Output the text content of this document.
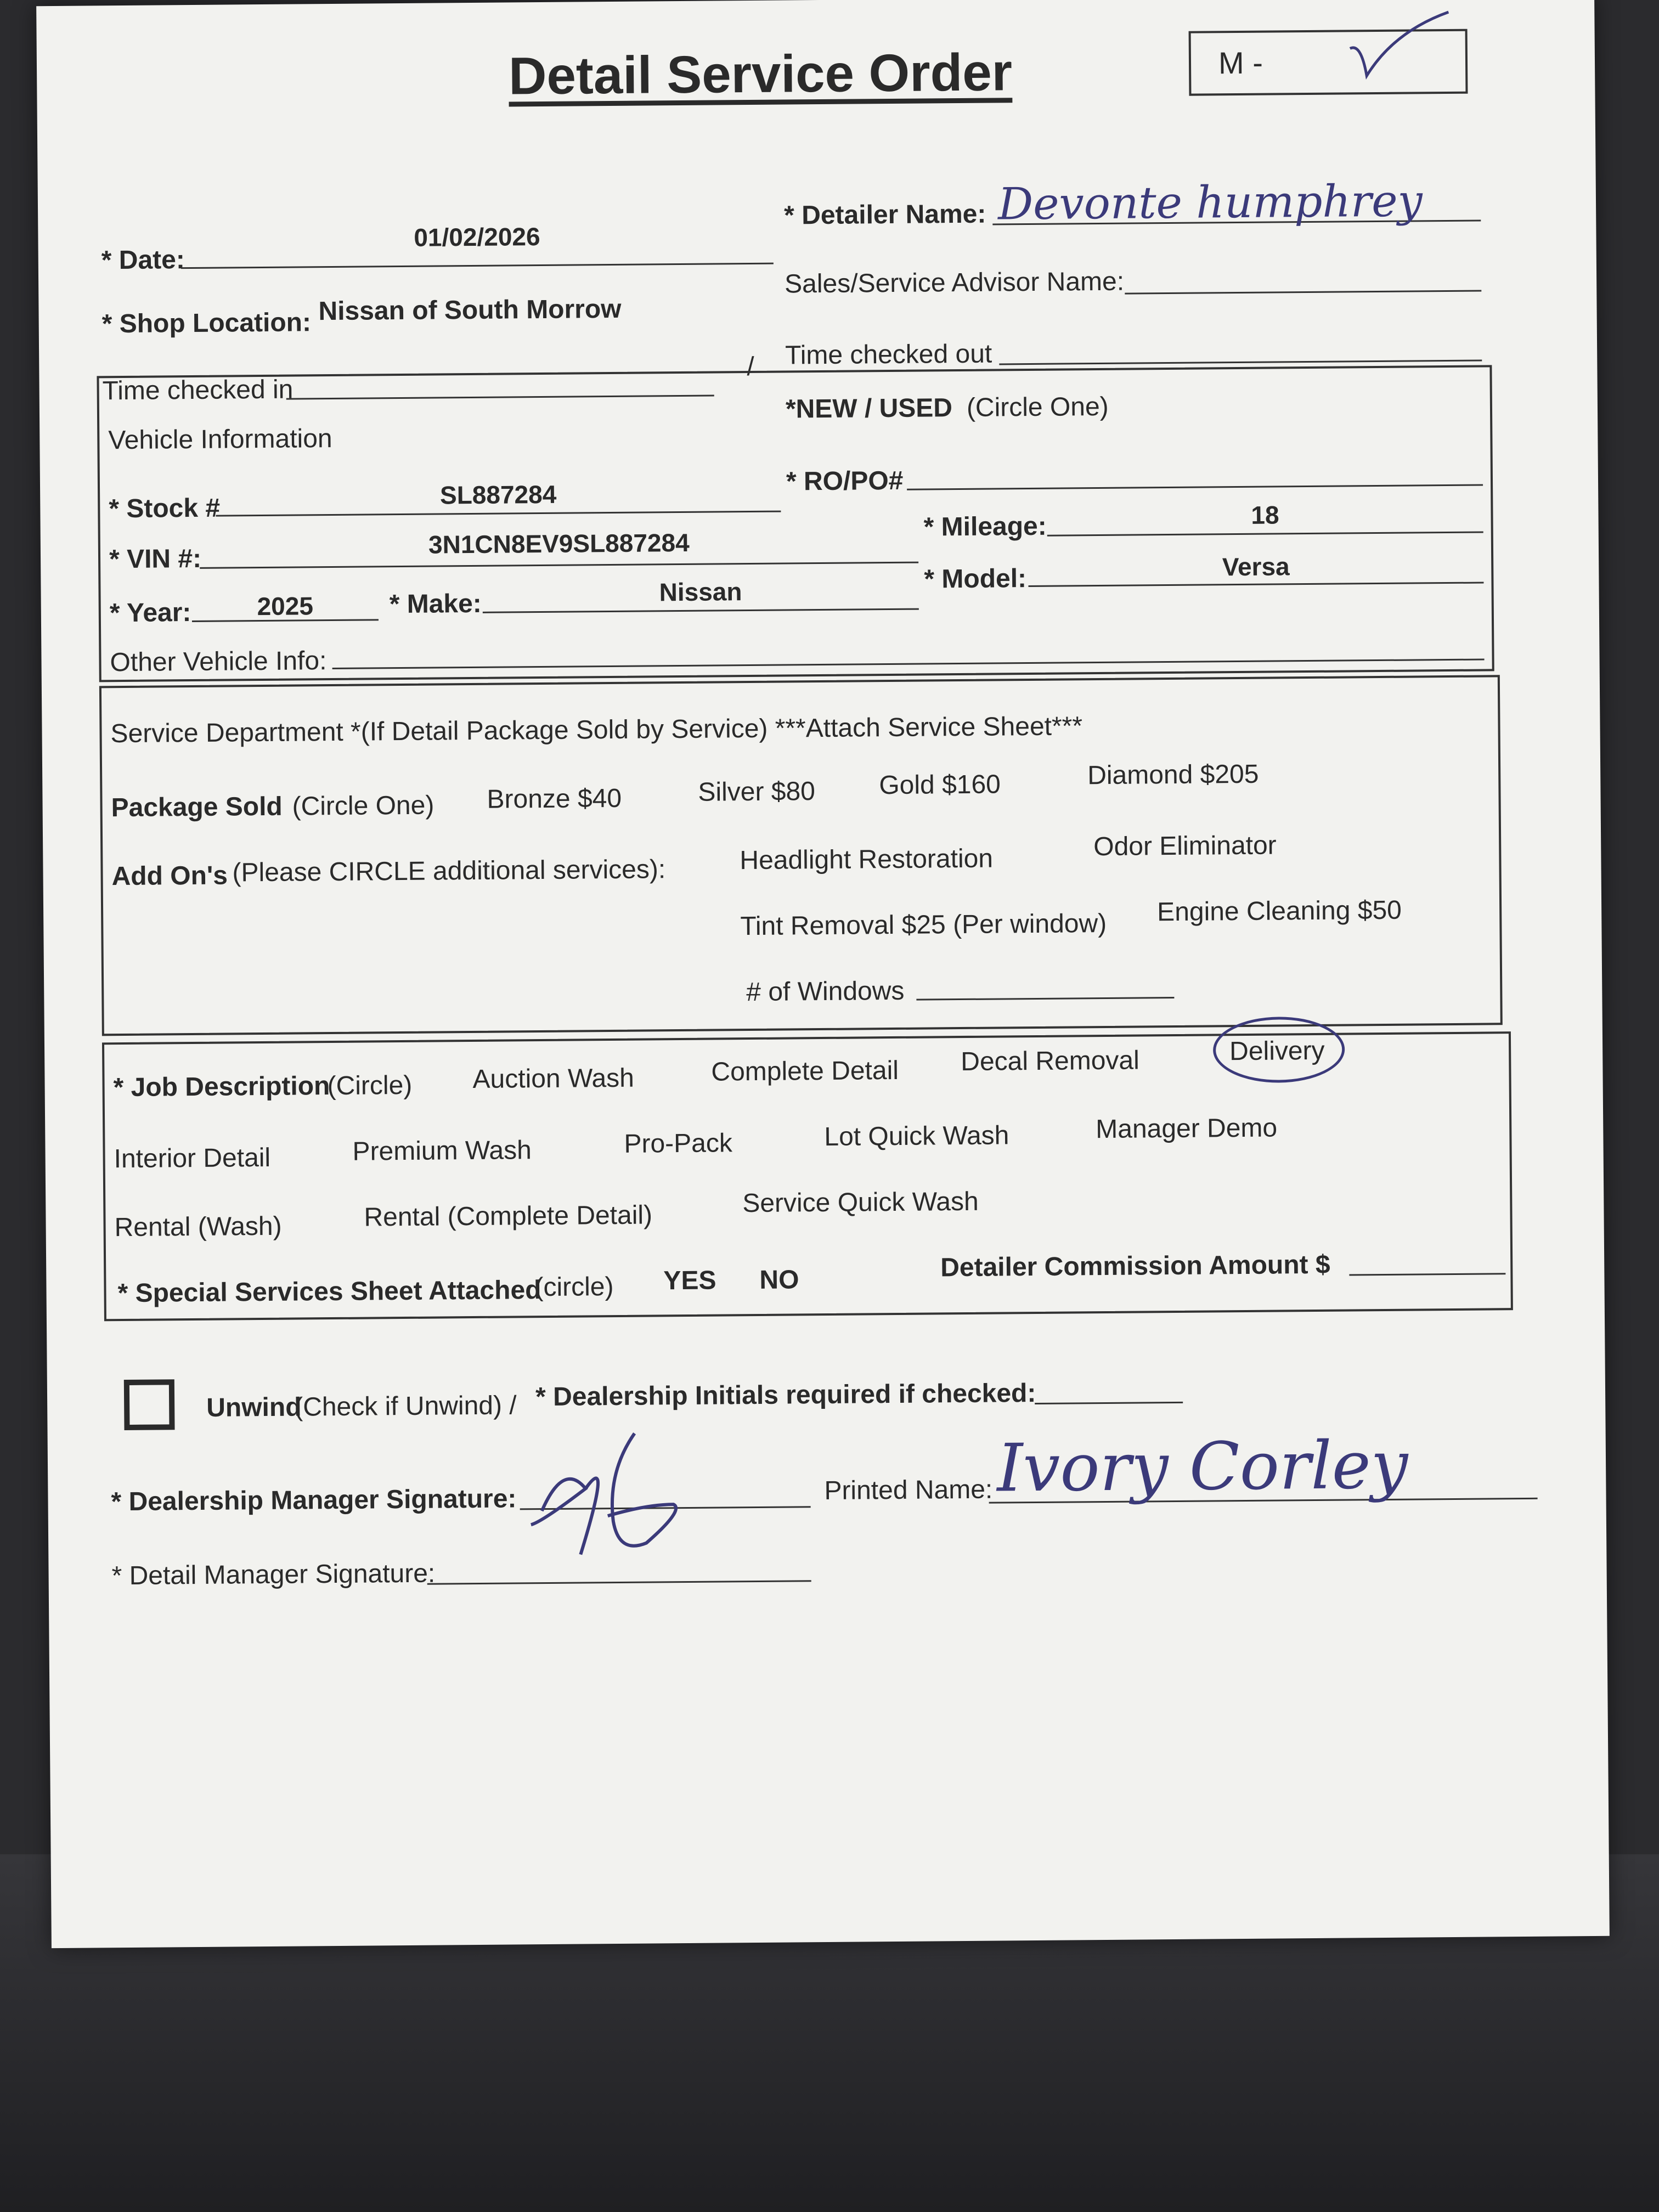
Detail Service Order	M -
* Date:
01/02/2026
* Detailer Name: Devonte humphrey
* Shop Location: Nissan of South Morrow
Sales/Service Advisor Name:
Time checked in
/ Time checked out
Vehicle Information
*NEW / USED (Circle One)
* Stock #	SL887284	* RO/PO#
* VIN #:
3N1CN8EV9SL887284
* Mileage:	18
* Year:	2025	* Make:	Nissan	* Model:	Versa
Other Vehicle Info:
Service Department *(If Detail Package Sold by Service) ***Attach Service Sheet***
Package Sold (Circle One) Bronze $40	Silver $80 Gold $160	Diamond $205
Add On's (Please CIRCLE additional services):	Headlight Restoration	Odor Eliminator
Tint Removal $25 (Per window) Engine Cleaning $50
# of Windows
* Job Description
(Circle) Auction Wash	Complete Detail Decal Removal	Delivery
Interior Detail	Premium Wash	Pro-Pack	Lot Quick Wash	Manager Demo
Rental (Wash)	Rental (Complete Detail)	Service Quick Wash
* Special Services Sheet Attached
(circle) YES NO	Detailer Commission Amount $
Unwind
(Check if Unwind) / * Dealership Initials required if checked:
* Dealership Manager Signature:	Printed Name: Ivory Corley
* Detail Manager Signature:
